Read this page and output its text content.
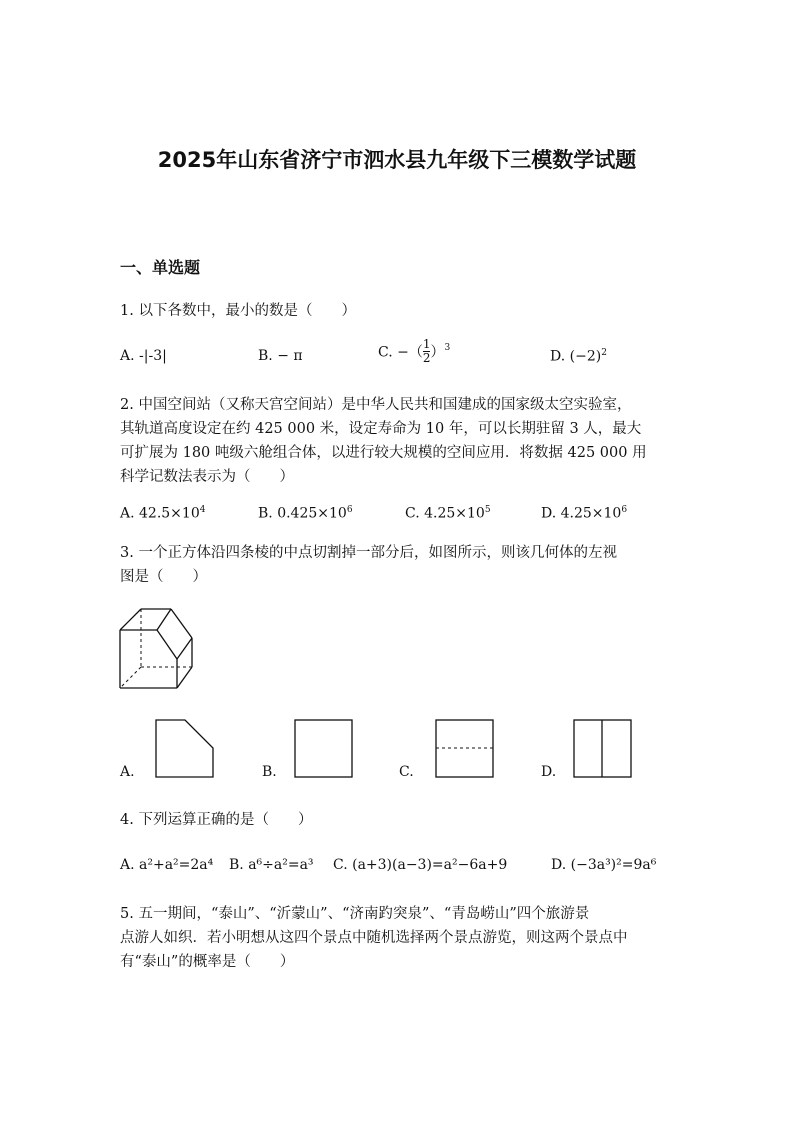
2025年山东省济宁市泗水县九年级下三模数学试题
一、单选题
1. 以下各数中，最小的数是（　　）
A. -|-3|	B. − π	C. −（ $\frac{1}{2} )^3$
D. $(-2)^2$

2. 中国空间站（又称天宫空间站）是中华人民共和国建成的国家级太空实验室，

其轨道高度设定在约 425 000 米，设定寿命为 10 年，可以长期驻留 3 人，最大

可扩展为 180 吨级六舱组合体，以进行较大规模的空间应用．将数据 425 000 用

科学记数法表示为（　　）

A. $42.5\times 10^4$	B. $0.425\times 10^6$	C. $4.25\times 10^5$	D. $4.25\times 10^6$

3. 一个正方体沿四条棱的中点切割掉一部分后，如图所示，则该几何体的左视

图是（　　）

A.	B.	C.	D.
4. 下列运算正确的是（　　）
A. a²+a²=2a⁴ B. a⁶÷a²=a³ C. (a+3)(a−3)=a²−6a+9	D. (−3a³)²=9a⁶

5. 五一期间，“泰山”、“沂蒙山”、“济南趵突泉”、“青岛崂山”四个旅游景

点游人如织．若小明想从这四个景点中随机选择两个景点游览，则这两个景点中

有“泰山”的概率是（　　）
